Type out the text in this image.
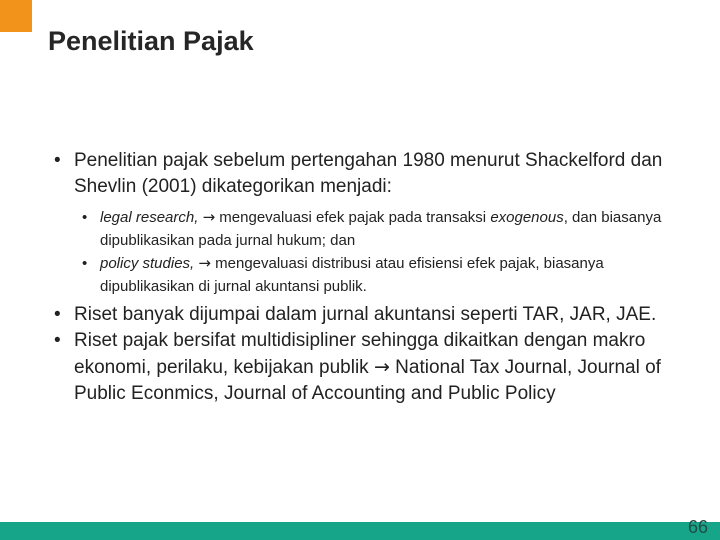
Penelitian Pajak
• Penelitian pajak sebelum pertengahan 1980 menurut Shackelford dan Shevlin (2001) dikategorikan menjadi:
• legal research, → mengevaluasi efek pajak pada transaksi exogenous, dan biasanya dipublikasikan pada jurnal hukum; dan
• policy studies, → mengevaluasi distribusi atau efisiensi efek pajak, biasanya dipublikasikan di jurnal akuntansi publik.
• Riset banyak dijumpai dalam jurnal akuntansi seperti TAR, JAR, JAE.
• Riset pajak bersifat multidisipliner sehingga dikaitkan dengan makro ekonomi, perilaku, kebijakan publik → National Tax Journal, Journal of Public Econmics, Journal of Accounting and Public Policy
66
